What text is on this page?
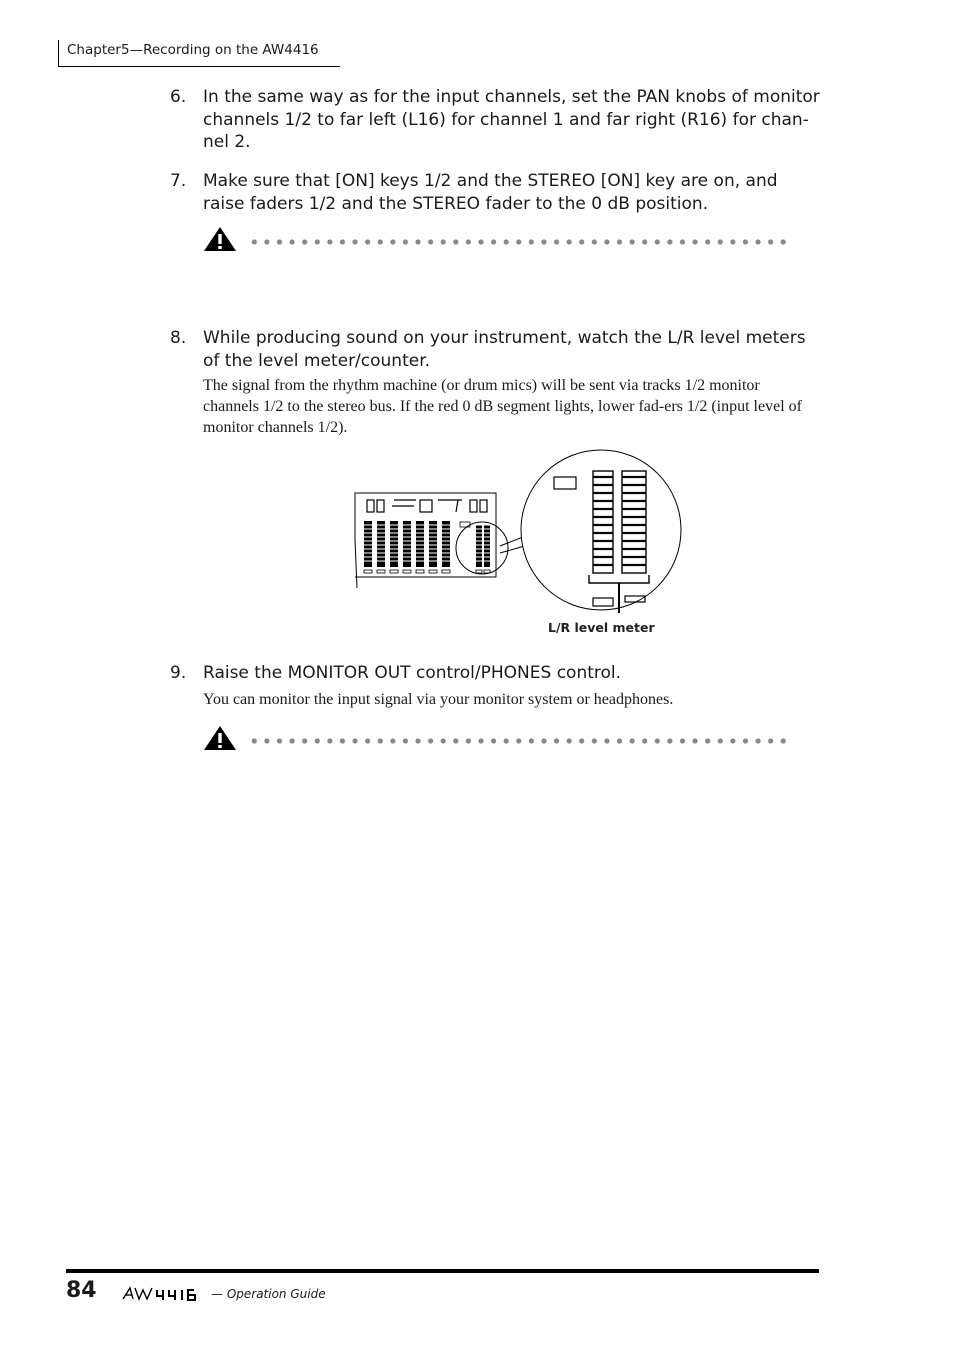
Chapter5—Recording on the AW4416
6. In the same way as for the input channels, set the PAN knobs of monitor channels 1/2 to far left (L16) for channel 1 and far right (R16) for chan-nel 2.
7. Make sure that [ON] keys 1/2 and the STEREO [ON] key are on, and raise faders 1/2 and the STEREO fader to the 0 dB position.
8. While producing sound on your instrument, watch the L/R level meters of the level meter/counter.
The signal from the rhythm machine (or drum mics) will be sent via tracks 1/2 monitor channels 1/2 to the stereo bus. If the red 0 dB segment lights, lower fad-ers 1/2 (input level of monitor channels 1/2).
L/R level meter
9. Raise the MONITOR OUT control/PHONES control.
You can monitor the input signal via your monitor system or headphones.
84	— Operation Guide
